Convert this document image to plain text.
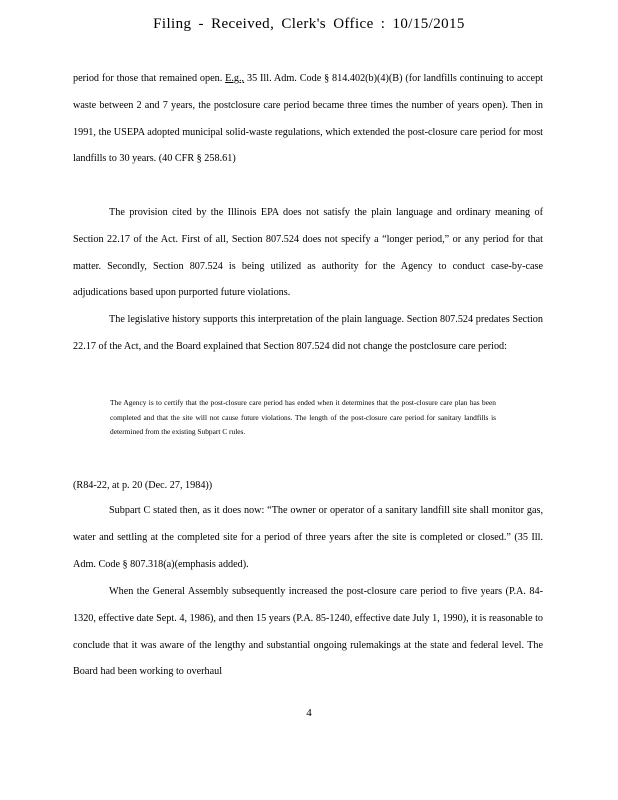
Filing - Received, Clerk's Office : 10/15/2015

period for those that remained open. E.g., 35 Ill. Adm. Code § 814.402(b)(4)(B) (for landfills continuing to accept waste between 2 and 7 years, the postclosure care period became three times the number of years open). Then in 1991, the USEPA adopted municipal solid-waste regulations, which extended the post-closure care period for most landfills to 30 years. (40 CFR § 258.61)

The provision cited by the Illinois EPA does not satisfy the plain language and ordinary meaning of Section 22.17 of the Act. First of all, Section 807.524 does not specify a “longer period,” or any period for that matter. Secondly, Section 807.524 is being utilized as authority for the Agency to conduct case-by-case adjudications based upon purported future violations.

The legislative history supports this interpretation of the plain language. Section 807.524 predates Section 22.17 of the Act, and the Board explained that Section 807.524 did not change the postclosure care period:

The Agency is to certify that the post-closure care period has ended when it determines that the post-closure care plan has been completed and that the site will not cause future violations. The length of the post-closure care period for sanitary landfills is determined from the existing Subpart C rules.

(R84-22, at p. 20 (Dec. 27, 1984))

Subpart C stated then, as it does now: “The owner or operator of a sanitary landfill site shall monitor gas, water and settling at the completed site for a period of three years after the site is completed or closed.” (35 Ill. Adm. Code § 807.318(a)(emphasis added).

When the General Assembly subsequently increased the post-closure care period to five years (P.A. 84-1320, effective date Sept. 4, 1986), and then 15 years (P.A. 85-1240, effective date July 1, 1990), it is reasonable to conclude that it was aware of the lengthy and substantial ongoing rulemakings at the state and federal level. The Board had been working to overhaul

4
